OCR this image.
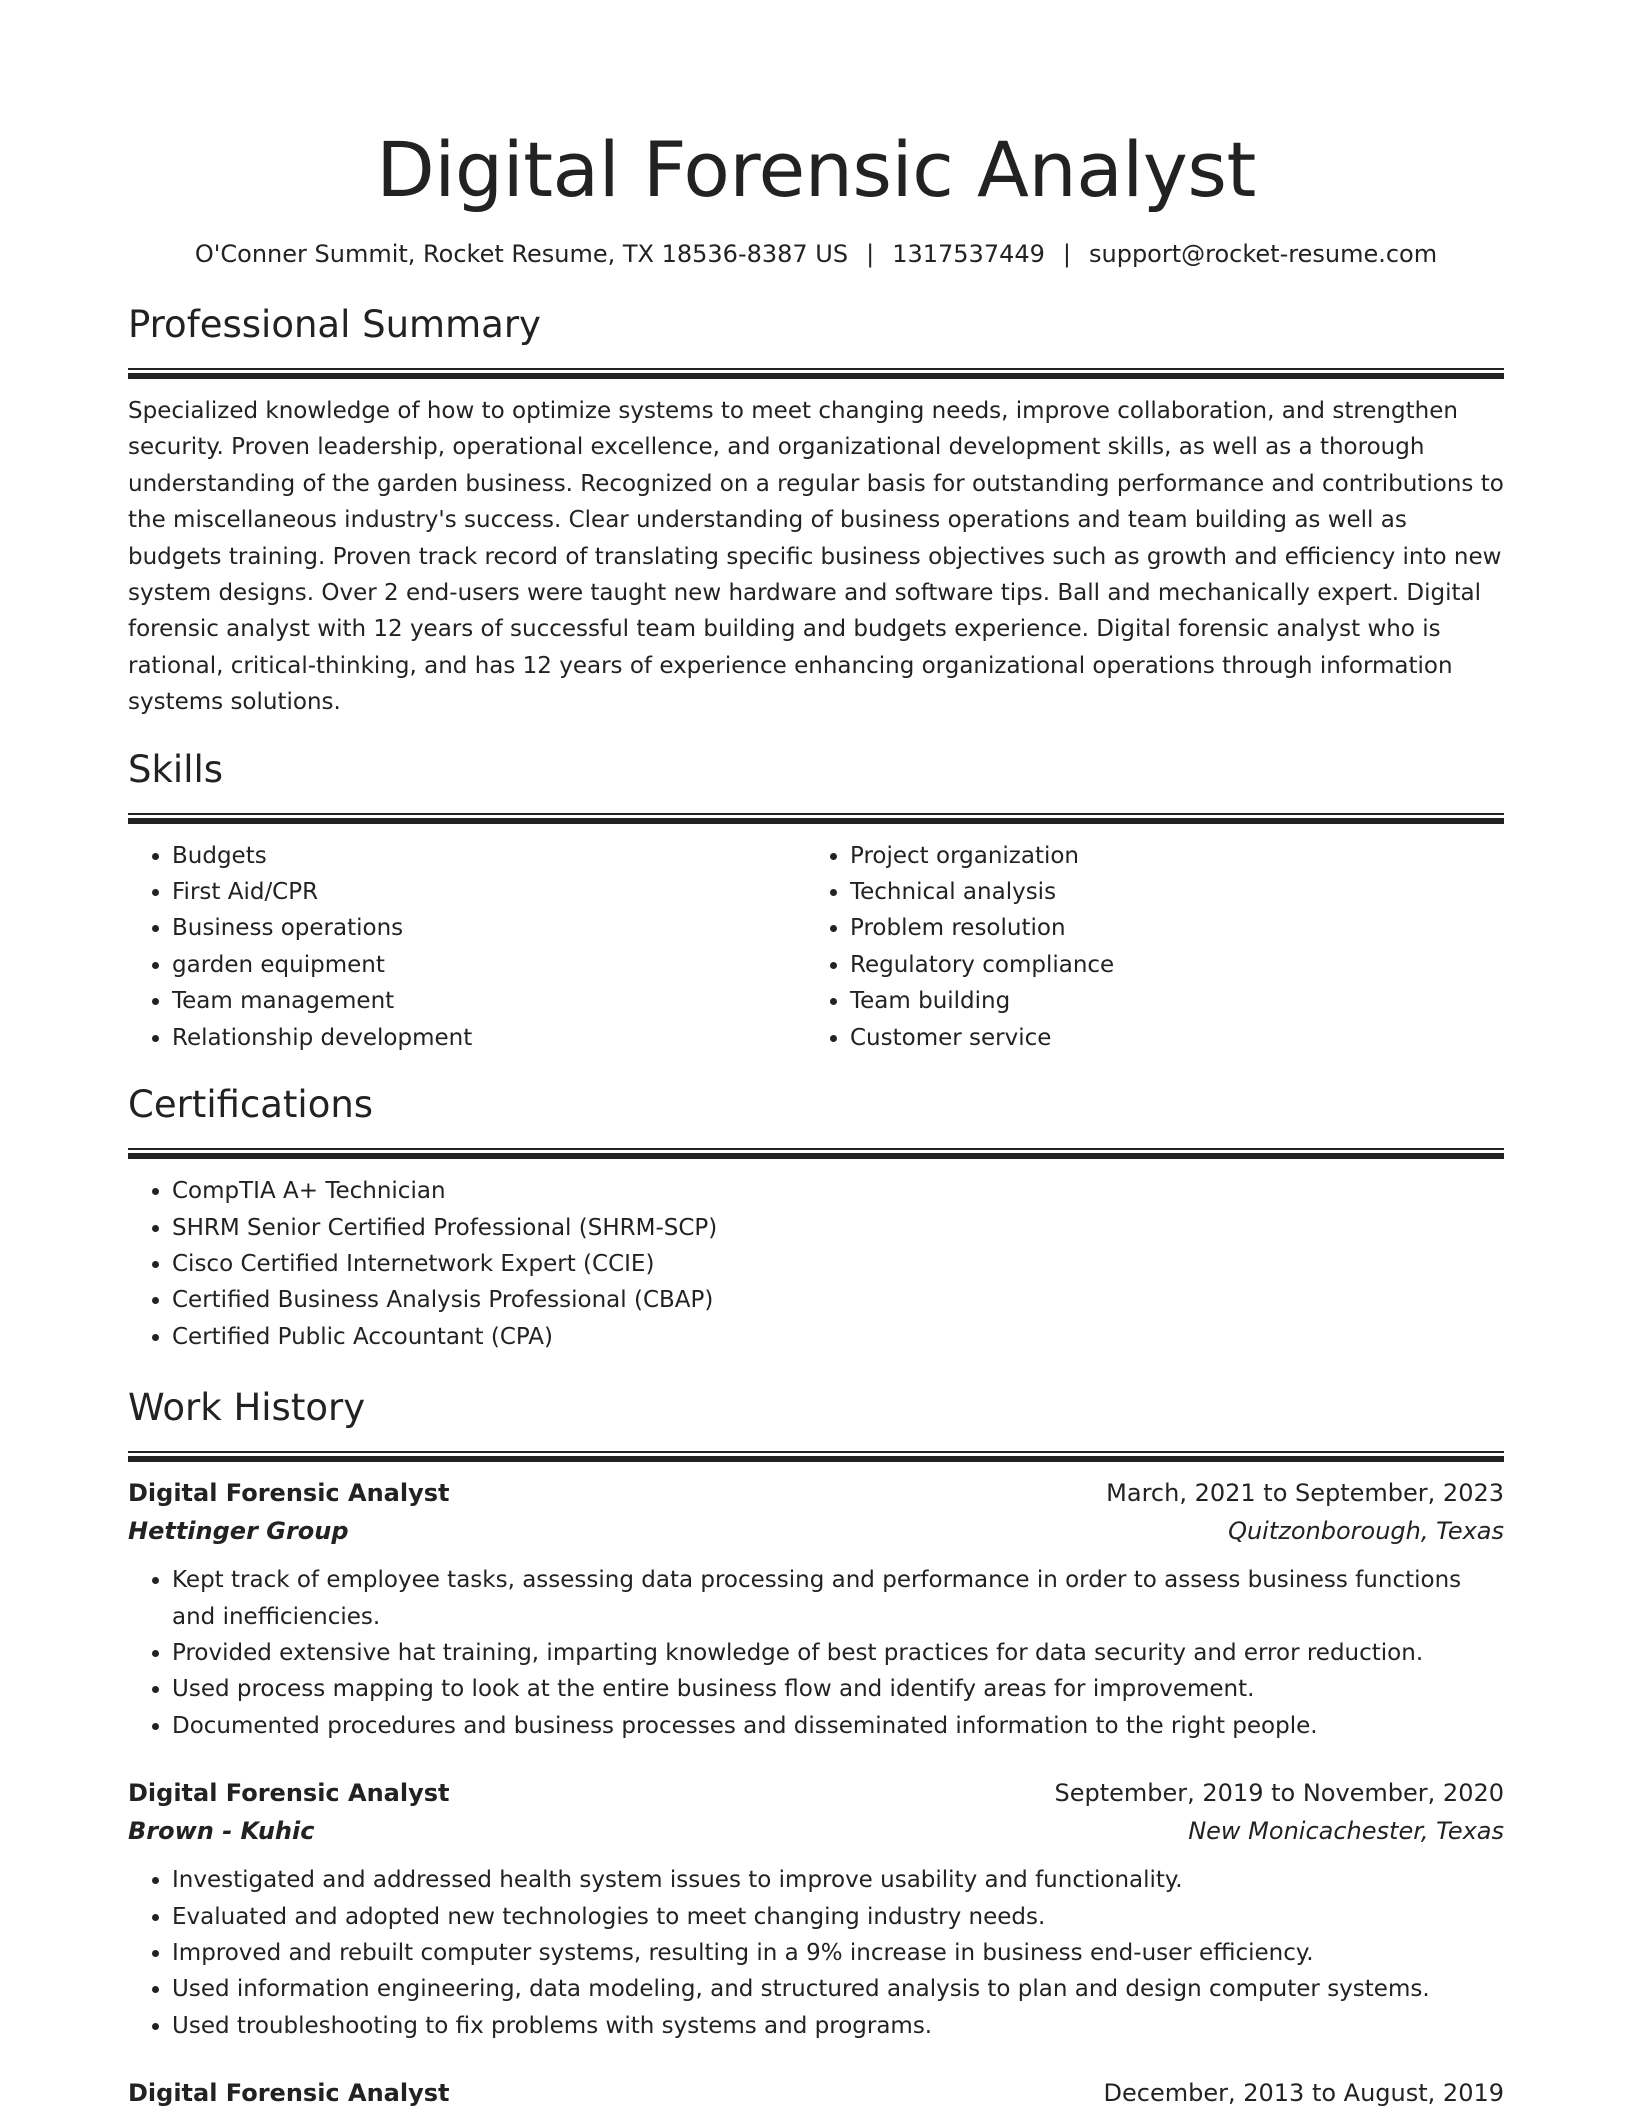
Digital Forensic Analyst
O'Conner Summit, Rocket Resume, TX 18536-8387 US | 1317537449 | support@rocket-resume.com
Professional Summary

Specialized knowledge of how to optimize systems to meet changing needs, improve collaboration, and strengthen security. Proven leadership, operational excellence, and organizational development skills, as well as a thorough understanding of the garden business. Recognized on a regular basis for outstanding performance and contributions to the miscellaneous industry's success. Clear understanding of business operations and team building as well as budgets training. Proven track record of translating specific business objectives such as growth and efficiency into new system designs. Over 2 end-users were taught new hardware and software tips. Ball and mechanically expert. Digital forensic analyst with 12 years of successful team building and budgets experience. Digital forensic analyst who is rational, critical-thinking, and has 12 years of experience enhancing organizational operations through information systems solutions.

Skills
• Budgets
• First Aid/CPR
• Business operations
• garden equipment
• Team management
• Relationship development
• Project organization
• Technical analysis
• Problem resolution
• Regulatory compliance
• Team building
• Customer service
Certifications
• CompTIA A+ Technician
• SHRM Senior Certified Professional (SHRM-SCP)
• Cisco Certified Internetwork Expert (CCIE)
• Certified Business Analysis Professional (CBAP)
• Certified Public Accountant (CPA)
Work History
Digital Forensic Analyst	March, 2021 to September, 2023
Hettinger Group	Quitzonborough, Texas
• Kept track of employee tasks, assessing data processing and performance in order to assess business functions and inefficiencies.
• Provided extensive hat training, imparting knowledge of best practices for data security and error reduction.
• Used process mapping to look at the entire business flow and identify areas for improvement.
• Documented procedures and business processes and disseminated information to the right people.
Digital Forensic Analyst	September, 2019 to November, 2020
Brown - Kuhic	New Monicachester, Texas
• Investigated and addressed health system issues to improve usability and functionality.
• Evaluated and adopted new technologies to meet changing industry needs.
• Improved and rebuilt computer systems, resulting in a 9% increase in business end-user efficiency.
• Used information engineering, data modeling, and structured analysis to plan and design computer systems.
• Used troubleshooting to fix problems with systems and programs.
Digital Forensic Analyst	December, 2013 to August, 2019
